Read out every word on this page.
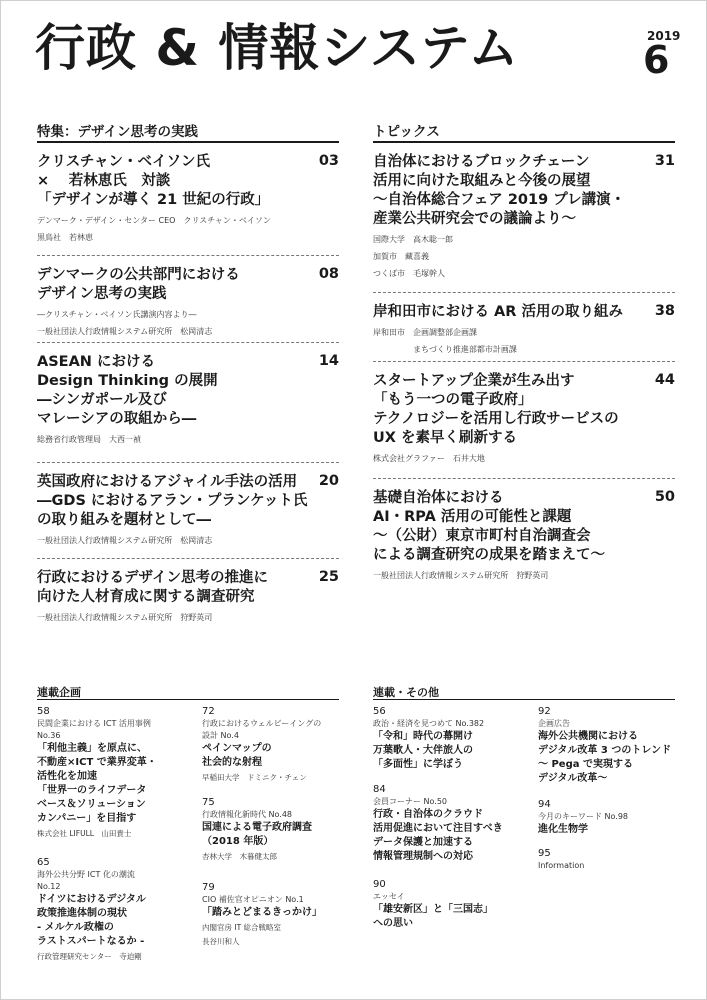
行政 & 情報システム	2019
6
特集：デザイン思考の実践	トピックス
クリスチャン・ベイソン氏
×　 若林恵氏　対談
「デザインが導く 21 世紀の行政」
03
デンマーク・デザイン・センター CEO　クリスチャン・ベイソン
黒鳥社　若林恵
デンマークの公共部門における
デザイン思考の実践
08
―クリスチャン・ベイソン氏講演内容より―
一般社団法人行政情報システム研究所　松岡清志
ASEAN における
Design Thinking の展開
―シンガポール及び
マレーシアの取組から―
14
総務省行政管理局　大西一禎
英国政府におけるアジャイル手法の活用
―GDS におけるアラン・プランケット氏
の取り組みを題材として―
20
一般社団法人行政情報システム研究所　松岡清志
行政におけるデザイン思考の推進に
向けた人材育成に関する調査研究
25
一般社団法人行政情報システム研究所　狩野英司
自治体におけるブロックチェーン
活用に向けた取組みと今後の展望
～自治体総合フェア 2019 プレ講演・
産業公共研究会での議論より～
31
国際大学　高木聡一郎
加賀市　藏喜義
つくば市　毛塚幹人
岸和田市における AR 活用の取り組み	38
岸和田市　企画調整部企画課
　　　　　まちづくり推進部都市計画課
スタートアップ企業が生み出す
「もう一つの電子政府」
テクノロジーを活用し行政サービスの
UX を素早く刷新する
44
株式会社グラファー　石井大地
基礎自治体における
AI・RPA 活用の可能性と課題
～（公財）東京市町村自治調査会
による調査研究の成果を踏まえて～
50
一般社団法人行政情報システム研究所　狩野英司
連載企画	連載・その他
58
民間企業における ICT 活用事例
No.36
「利他主義」を原点に、
不動産×ICT で業界変革・
活性化を加速
「世界一のライフデータ
ベース＆ソリューション
カンパニー」を目指す
株式会社 LIFULL　山田貴士
65
海外公共分野 ICT 化の潮流
No.12
ドイツにおけるデジタル
政策推進体制の現状
- メルケル政権の
ラストスパートなるか -
行政管理研究センター　寺迫剛
72
行政におけるウェルビーイングの
設計 No.4
ペインマップの
社会的な射程
早稲田大学　ドミニク・チェン
75
行政情報化新時代 No.48
国連による電子政府調査
（2018 年版）
杏林大学　木暮健太郎
79
CIO 補佐官オピニオン No.1
「踏みとどまるきっかけ」
内閣官房 IT 総合戦略室
長谷川和人
56
政治・経済を見つめて No.382
「令和」時代の幕開け
万葉歌人・大伴旅人の
「多面性」に学ぼう
84
会員コーナー No.50
行政・自治体のクラウド
活用促進において注目すべき
データ保護と加速する
情報管理規制への対応
90
エッセイ
「雄安新区」と「三国志」
への思い
92
企画広告
海外公共機関における
デジタル改革 3 つのトレンド
～ Pega で実現する
デジタル改革～
94
今月のキーワード No.98
進化生物学
95
Information
